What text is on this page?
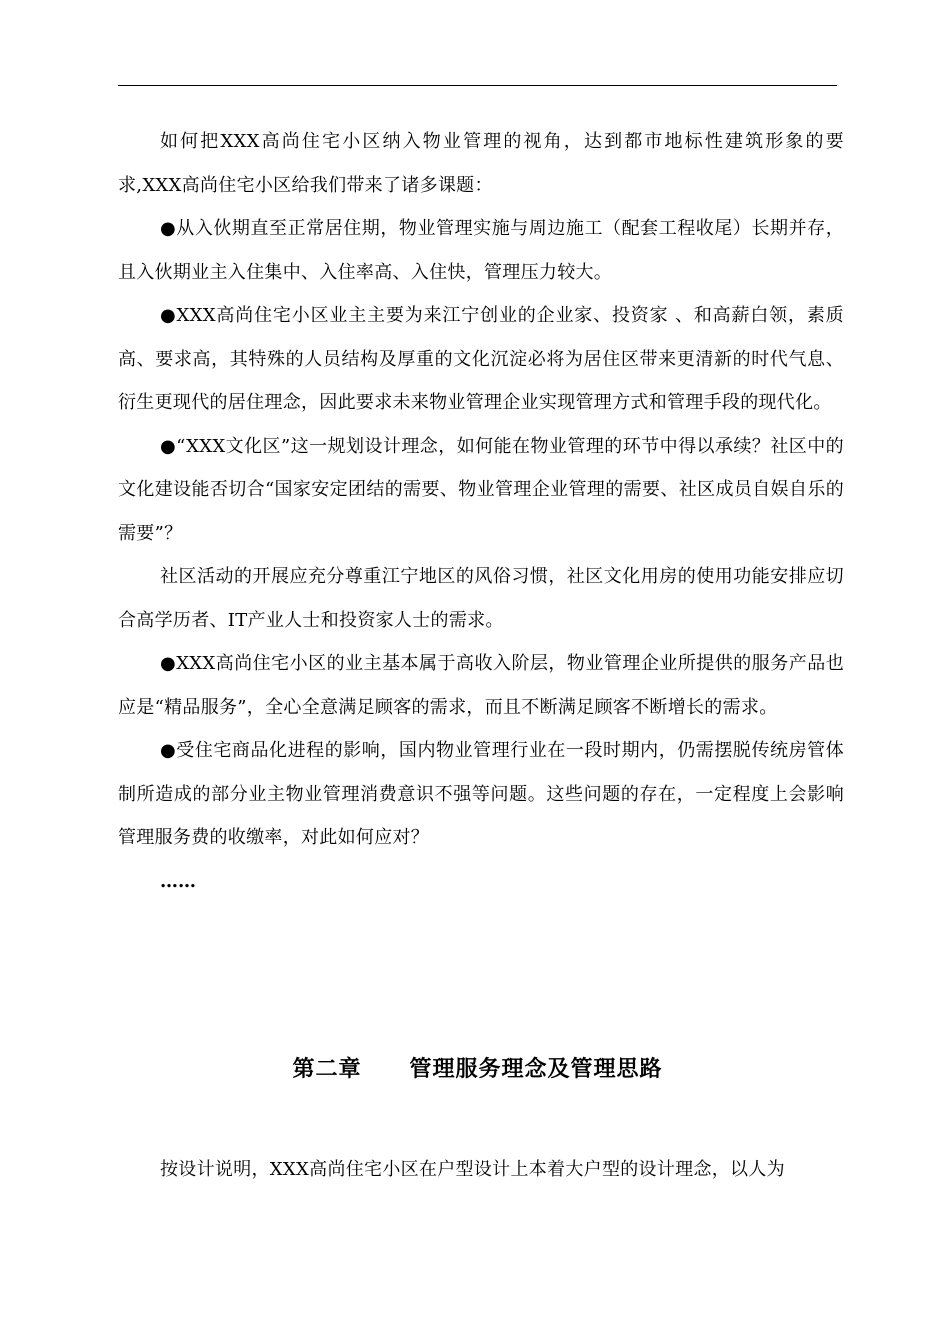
如何把XXX高尚住宅小区纳入物业管理的视角，达到都市地标性建筑形象的要求,XXX高尚住宅小区给我们带来了诸多课题：

●从入伙期直至正常居住期，物业管理实施与周边施工（配套工程收尾）长期并存，且入伙期业主入住集中、入住率高、入住快，管理压力较大。

●XXX高尚住宅小区业主主要为来江宁创业的企业家、投资家 、和高薪白领，素质高、要求高，其特殊的人员结构及厚重的文化沉淀必将为居住区带来更清新的时代气息、衍生更现代的居住理念，因此要求未来物业管理企业实现管理方式和管理手段的现代化。

●“XXX文化区”这一规划设计理念，如何能在物业管理的环节中得以承续？社区中的文化建设能否切合“国家安定团结的需要、物业管理企业管理的需要、社区成员自娱自乐的需要”？

社区活动的开展应充分尊重江宁地区的风俗习惯，社区文化用房的使用功能安排应切合高学历者、IT产业人士和投资家人士的需求。

●XXX高尚住宅小区的业主基本属于高收入阶层，物业管理企业所提供的服务产品也应是“精品服务”，全心全意满足顾客的需求，而且不断满足顾客不断增长的需求。

●受住宅商品化进程的影响，国内物业管理行业在一段时期内，仍需摆脱传统房管体制所造成的部分业主物业管理消费意识不强等问题。这些问题的存在，一定程度上会影响管理服务费的收缴率，对此如何应对？

……

第二章 管理服务理念及管理思路

按设计说明，XXX高尚住宅小区在户型设计上本着大户型的设计理念，以人为
